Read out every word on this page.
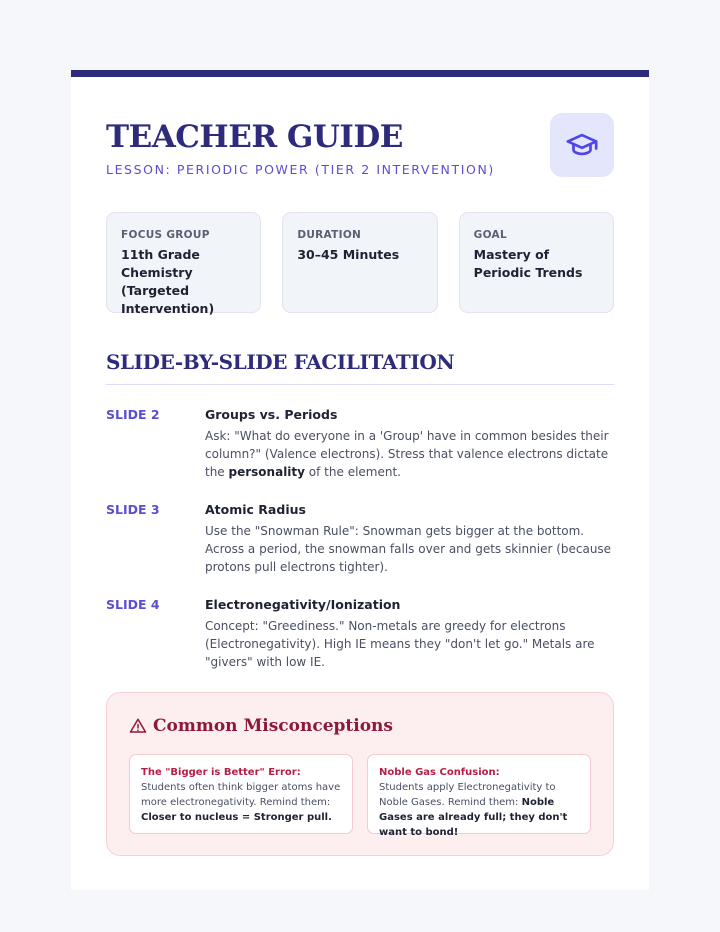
TEACHER GUIDE
LESSON: PERIODIC POWER (TIER 2 INTERVENTION)
FOCUS GROUP
11th Grade Chemistry (Targeted Intervention)
DURATION
30–45 Minutes
GOAL
Mastery of Periodic Trends
SLIDE-BY-SLIDE FACILITATION
SLIDE 2	Groups vs. Periods
Ask: "What do everyone in a 'Group' have in common besides their column?" (Valence electrons). Stress that valence electrons dictate the personality of the element.
SLIDE 3	Atomic Radius
Use the "Snowman Rule": Snowman gets bigger at the bottom. Across a period, the snowman falls over and gets skinnier (because protons pull electrons tighter).
SLIDE 4	Electronegativity/Ionization
Concept: "Greediness." Non-metals are greedy for electrons (Electronegativity). High IE means they "don't let go." Metals are "givers" with low IE.
Common Misconceptions
The "Bigger is Better" Error:
Students often think bigger atoms have more electronegativity. Remind them: Closer to nucleus = Stronger pull.
Noble Gas Confusion:
Students apply Electronegativity to Noble Gases. Remind them: Noble Gases are already full; they don't want to bond!
